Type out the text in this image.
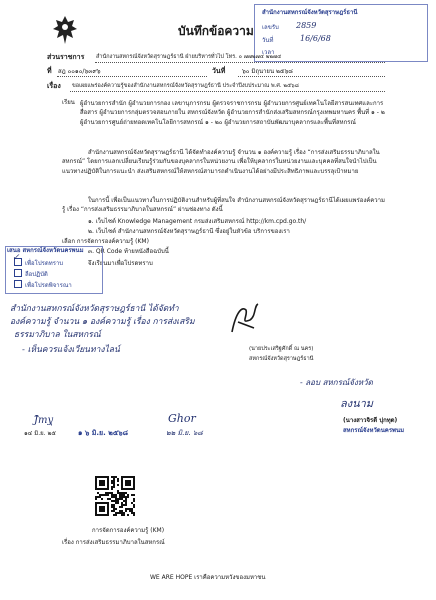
สำนักงานสหกรณ์จังหวัดสุราษฎร์ธานี
เลขรับ 2859
วันที่	16/6/68
เวลา
บันทึกข้อความ
ส่วนราชการ สำนักงานสหกรณ์จังหวัดสุราษฎร์ธานี ฝ่ายบริหารทั่วไป โทร. ๐ ๗๗๒๗๔ ๒๒๗๔
ที่ สฎ ๐๐๑๐/๖๓๙๖	วันที่	๖๐ มิถุนายน ๒๕๖๘
เรื่อง ขอเผยแพร่องค์ความรู้ของสำนักงานสหกรณ์จังหวัดสุราษฎร์ธานี ประจำปีงบประมาณ พ.ศ. ๒๕๖๘
เรียน ผู้อำนวยการสำนัก ผู้อำนวยการกอง เลขานุการกรม ผู้ตรวจราชการกรม ผู้อำนวยการศูนย์เทคโนโลยีสารสนเทศและการสื่อสาร ผู้อำนวยการกลุ่มตรวจสอบภายใน สหกรณ์จังหวัด ผู้อำนวยการสำนักส่งเสริมสหกรณ์กรุงเทพมหานคร พื้นที่ ๑ - ๒ ผู้อำนวยการศูนย์ถ่ายทอดเทคโนโลยีการสหกรณ์ ๑ - ๒๐ ผู้อำนวยการสถาบันพัฒนาบุคลากรและพื้นที่สหกรณ์
สำนักงานสหกรณ์จังหวัดสุราษฎร์ธานี ได้จัดทำองค์ความรู้ จำนวน ๑ องค์ความรู้ เรื่อง “การส่งเสริมธรรมาภิบาลในสหกรณ์” โดยการแลกเปลี่ยนเรียนรู้ร่วมกันของบุคลากรในหน่วยงาน เพื่อให้บุคลากรในหน่วยงานและบุคคลที่สนใจนำไปเป็นแนวทางปฏิบัติในการแนะนำ ส่งเสริมสหกรณ์ให้สหกรณ์สามารถดำเนินงานได้อย่างมีประสิทธิภาพและบรรลุเป้าหมาย
ในการนี้ เพื่อเป็นแนวทางในการปฏิบัติงานสำหรับผู้ที่สนใจ สำนักงานสหกรณ์จังหวัดสุราษฎร์ธานีได้เผยแพร่องค์ความรู้ เรื่อง “การส่งเสริมธรรมาภิบาลในสหกรณ์” ผ่านช่องทาง ดังนี้
๑. เว็บไซต์ Knowledge Management กรมส่งเสริมสหกรณ์ http://km.cpd.go.th/
๒. เว็บไซต์ สำนักงานสหกรณ์จังหวัดสุราษฎร์ธานี ซึ่งอยู่ในหัวข้อ บริการของเรา
เลือก การจัดการองค์ความรู้ (KM)
๓. QR Code ท้ายหนังสือฉบับนี้
จึงเรียนมาเพื่อโปรดทราบ
เสนอ สหกรณ์จังหวัดนครพนม
เพื่อโปรดทราบ
✓
ลือปฏิบัติ
เพื่อโปรดพิจารณา
สำนักงานสหกรณ์จังหวัดสุราษฎร์ธานี ได้จัดทำ
องค์ความรู้ จำนวน ๑ องค์ความรู้ เรื่อง การส่งเสริม
ธรรมาภิบาล ในสหกรณ์
- เห็นควรแจ้งเวียนทางไลน์	(นายประเสริฐศักดิ์ ณ นคร)
สหกรณ์จังหวัดสุราษฎร์ธานี
- ลอบ สหกรณ์จังหวัด
ลงนาม
(นางสาวจิรดี ปุกทุด)
สหกรณ์จังหวัดนครพนม
Jิmyุ
๑๔ มิ.ย. ๒๕	๑ ๖ มิ.ย. ๒๕๖๘
Ghor
๒๒ มิ.ย. ๖๘
การจัดการองค์ความรู้ (KM)
เรื่อง การส่งเสริมธรรมาภิบาลในสหกรณ์
WE ARE HOPE เราคือความหวังของมหาชน
